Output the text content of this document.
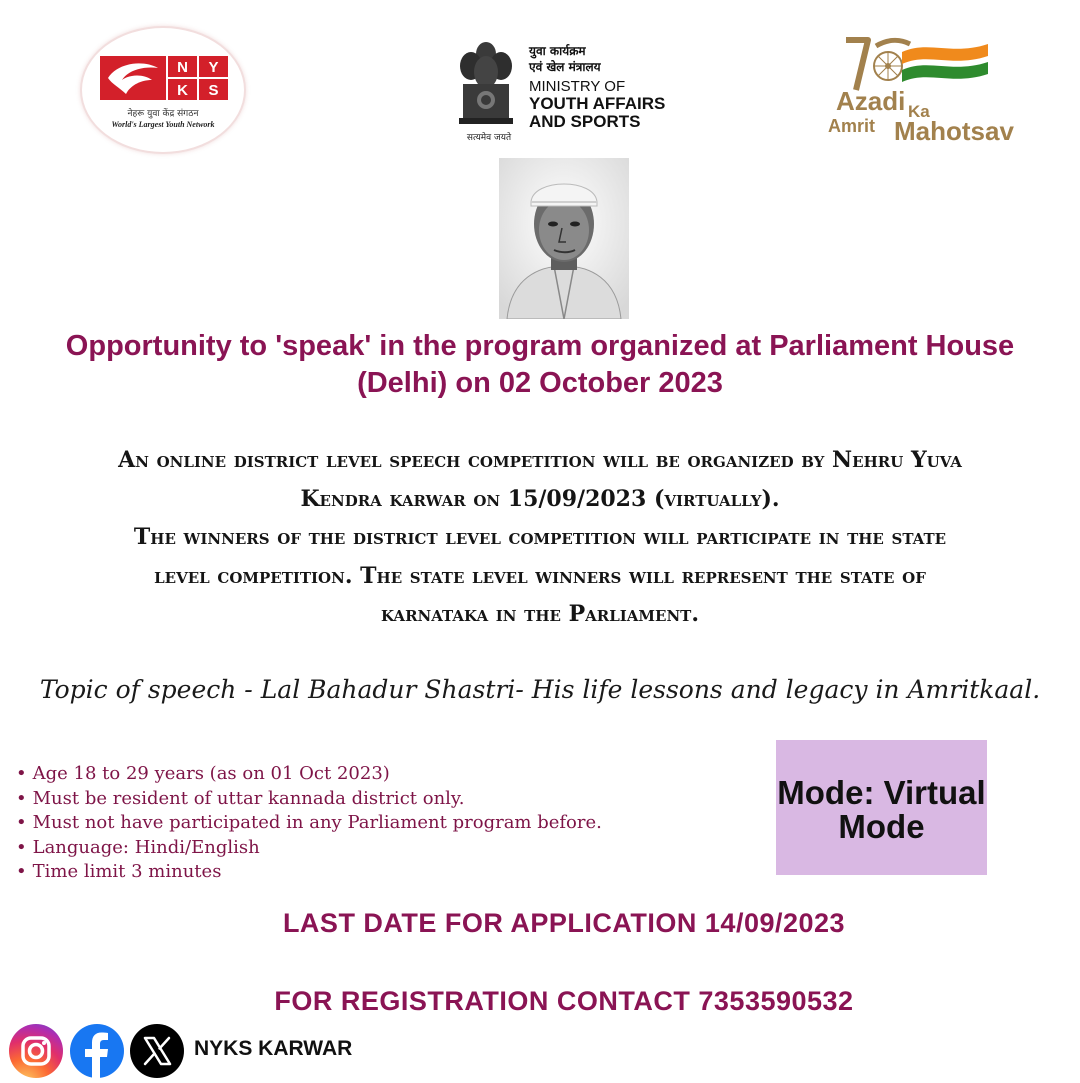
N Y
K S
नेहरू युवा केंद्र संगठन
World's Largest Youth Network
सत्यमेव जयते
युवा कार्यक्रम
एवं खेल मंत्रालय
MINISTRY OF
YOUTH AFFAIRS
AND SPORTS
Azadi Ka
Amrit Mahotsav
Opportunity to 'speak' in the program organized at Parliament House (Delhi) on 02 October 2023
An online district level speech competition will be organized by Nehru Yuva
Kendra karwar on 15/09/2023 (virtually).
The winners of the district level competition will participate in the state
level competition. The state level winners will represent the state of
karnataka in the Parliament.

Topic of speech - Lal Bahadur Shastri- His life lessons and legacy in Amritkaal.

• Age 18 to 29 years (as on 01 Oct 2023)
• Must be resident of uttar kannada district only.
• Must not have participated in any Parliament program before.
• Language: Hindi/English
• Time limit 3 minutes
Mode: Virtual Mode
LAST DATE FOR APPLICATION 14/09/2023
FOR REGISTRATION CONTACT 7353590532
NYKS KARWAR
